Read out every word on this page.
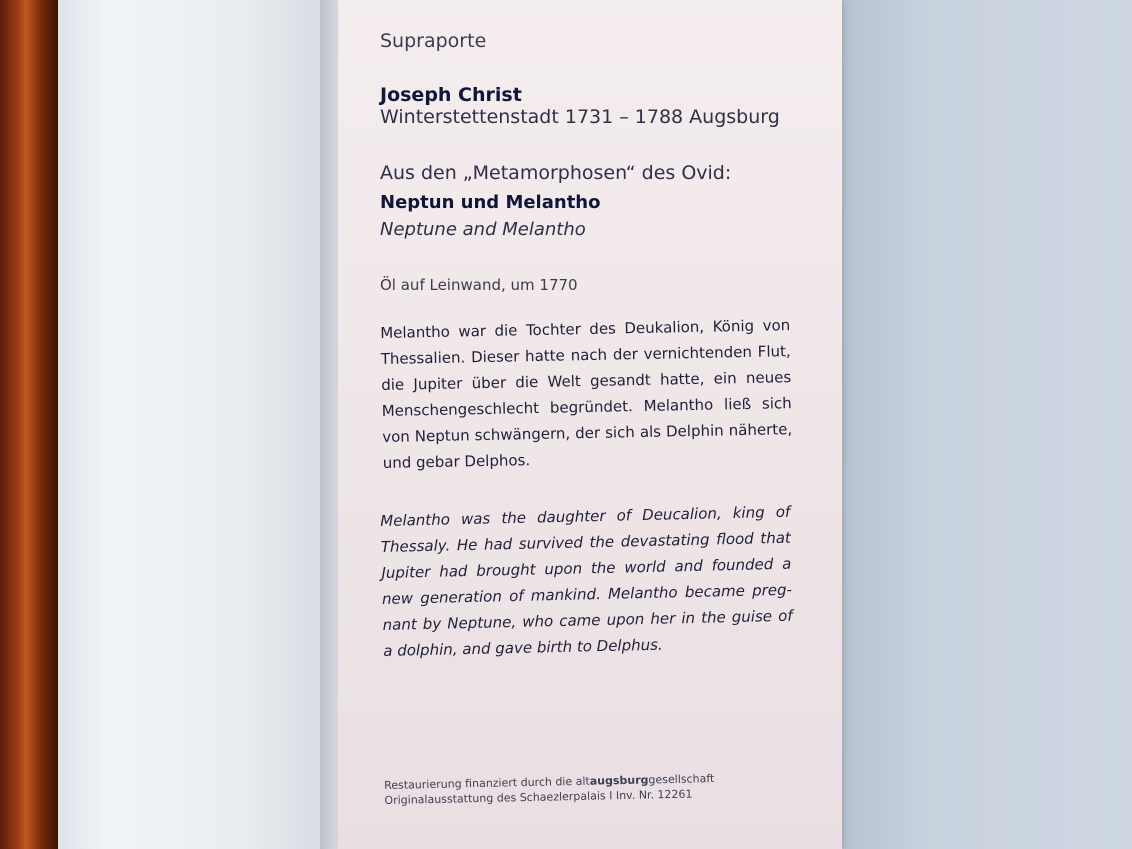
Supraporte
Joseph Christ
Winterstettenstadt 1731 – 1788 Augsburg
Aus den „Metamorphosen“ des Ovid:
Neptun und Melantho
Neptune and Melantho
Öl auf Leinwand, um 1770

Melantho war die Tochter des Deukalion, König von Thessalien. Dieser hatte nach der vernichtenden Flut, die Jupiter über die Welt gesandt hatte, ein neues Menschengeschlecht begründet. Melantho ließ sich von Neptun schwängern, der sich als Delphin näherte, und gebar Delphos.

Melantho was the daughter of Deucalion, king of Thessaly. He had survived the devastating flood that Jupiter had brought upon the world and founded a new generation of mankind. Melantho became pregnant by Neptune, who came upon her in the guise of a dolphin, and gave birth to Delphus.

Restaurierung finanziert durch die altaugsburggesellschaft
Originalausstattung des Schaezlerpalais I Inv. Nr. 12261
